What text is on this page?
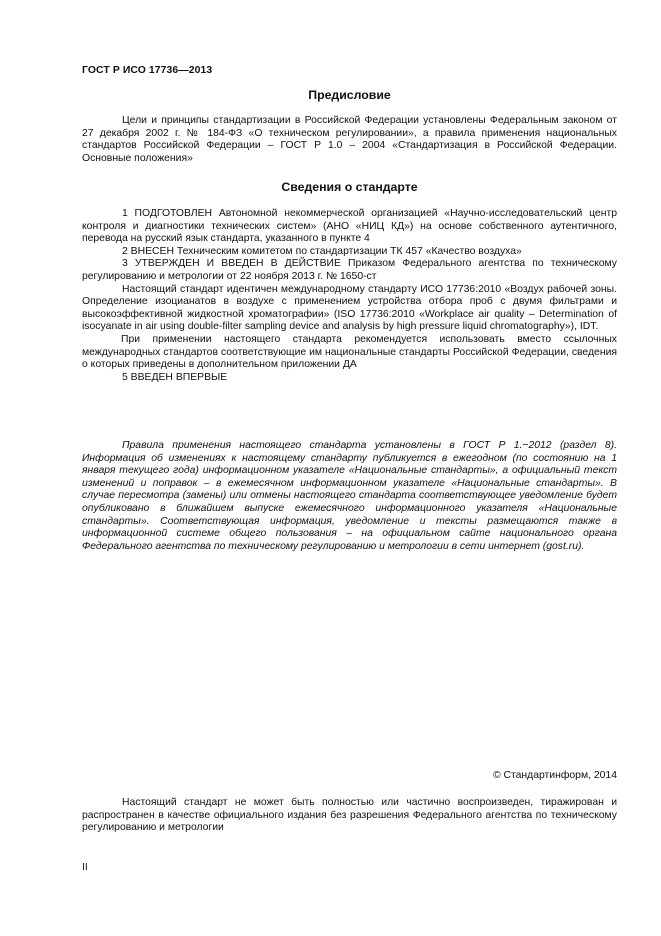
ГОСТ Р ИСО 17736—2013
Предисловие

Цели и принципы стандартизации в Российской Федерации установлены Федеральным законом от 27 декабря 2002 г. № 184-ФЗ «О техническом регулировании», а правила применения национальных стандартов Российской Федерации – ГОСТ Р 1.0 – 2004 «Стандартизация в Российской Федерации. Основные положения»

Сведения о стандарте

1 ПОДГОТОВЛЕН Автономной некоммерческой организацией «Научно-исследовательский центр контроля и диагностики технических систем» (АНО «НИЦ КД») на основе собственного аутентичного, перевода на русский язык стандарта, указанного в пункте 4

2 ВНЕСЕН Техническим комитетом по стандартизации ТК 457 «Качество воздуха»

3 УТВЕРЖДЕН И ВВЕДЕН В ДЕЙСТВИЕ Приказом Федерального агентства по техническому регулированию и метрологии от 22 ноября 2013 г. № 1650-ст

Настоящий стандарт идентичен международному стандарту ИСО 17736:2010 «Воздух рабочей зоны. Определение изоцианатов в воздухе с применением устройства отбора проб с двумя фильтрами и высокоэффективной жидкостной хроматографии» (ISO 17736:2010 «Workplace air quality – Determination of isocyanate in air using double-filter sampling device and analysis by high pressure liquid chromatography»), IDT.

При применении настоящего стандарта рекомендуется использовать вместо ссылочных международных стандартов соответствующие им национальные стандарты Российской Федерации, сведения о которых приведены в дополнительном приложении ДА

5 ВВЕДЕН ВПЕРВЫЕ

Правила применения настоящего стандарта установлены в ГОСТ Р 1.−2012 (раздел 8). Информация об изменениях к настоящему стандарту публикуется в ежегодном (по состоянию на 1 января текущего года) информационном указателе «Национальные стандарты», а официальный текст изменений и поправок – в ежемесячном информационном указателе «Национальные стандарты». В случае пересмотра (замены) или отмены настоящего стандарта соответствующее уведомление будет опубликовано в ближайшем выпуске ежемесячного информационного указателя «Национальные стандарты». Соответствующая информация, уведомление и тексты размещаются также в информационной системе общего пользования – на официальном сайте национального органа Федерального агентства по техническому регулированию и метрологии в сети интернет (gost.ru).

© Стандартинформ, 2014

Настоящий стандарт не может быть полностью или частично воспроизведен, тиражирован и распространен в качестве официального издания без разрешения Федерального агентства по техническому регулированию и метрологии

II
